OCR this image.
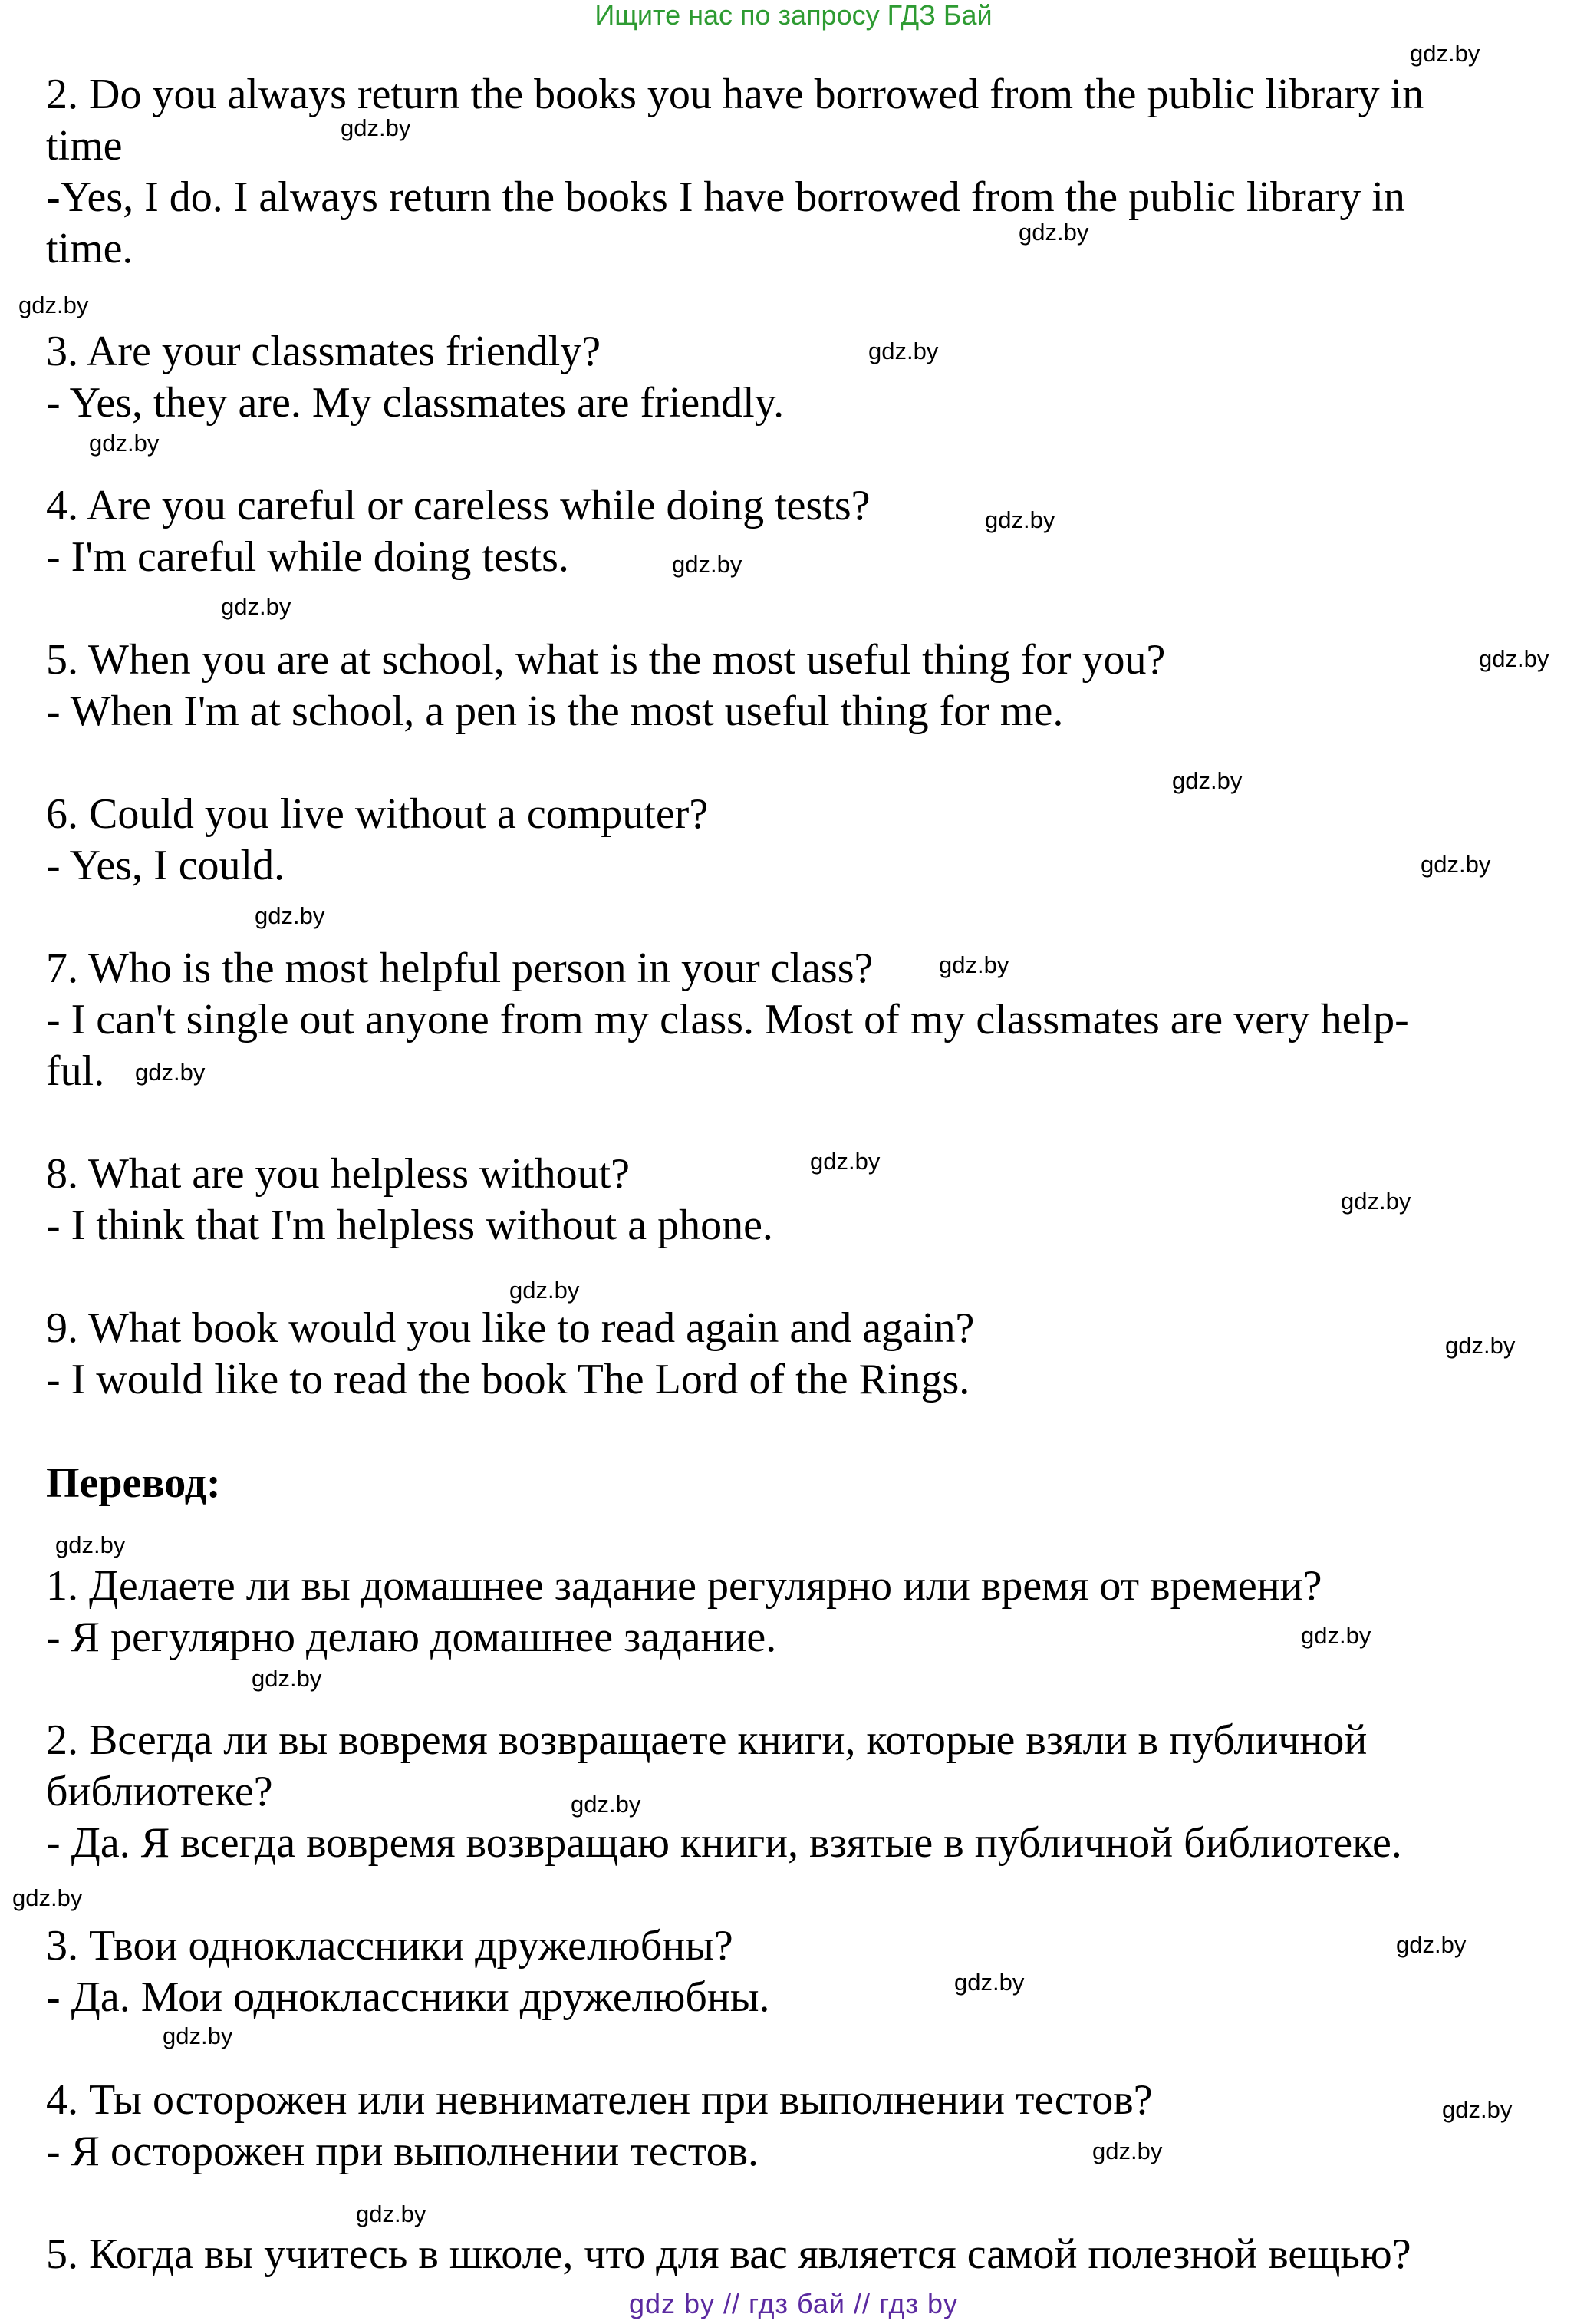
Ищите нас по запросу ГДЗ Бай
2. Do you always return the books you have borrowed from the public library in
time
-Yes, I do. I always return the books I have borrowed from the public library in
time.
3. Are your classmates friendly?
- Yes, they are. My classmates are friendly.
4. Are you careful or careless while doing tests?
- I'm careful while doing tests.
5. When you are at school, what is the most useful thing for you?
- When I'm at school, a pen is the most useful thing for me.
6. Could you live without a computer?
- Yes, I could.
7. Who is the most helpful person in your class?
- I can't single out anyone from my class. Most of my classmates are very help-
ful.
8. What are you helpless without?
- I think that I'm helpless without a phone.
9. What book would you like to read again and again?
- I would like to read the book The Lord of the Rings.
Перевод:
1. Делаете ли вы домашнее задание регулярно или время от времени?
- Я регулярно делаю домашнее задание.
2. Всегда ли вы вовремя возвращаете книги, которые взяли в публичной
библиотеке?
- Да. Я всегда вовремя возвращаю книги, взятые в публичной библиотеке.
3. Твои одноклассники дружелюбны?
- Да. Мои одноклассники дружелюбны.
4. Ты осторожен или невнимателен при выполнении тестов?
- Я осторожен при выполнении тестов.
5. Когда вы учитесь в школе, что для вас является самой полезной вещью?
gdz.by
gdz.by
gdz.by
gdz.by
gdz.by
gdz.by
gdz.by
gdz.by
gdz.by
gdz.by
gdz.by
gdz.by
gdz.by
gdz.by
gdz.by
gdz.by
gdz.by
gdz.by
gdz.by
gdz.by
gdz.by
gdz.by
gdz.by
gdz.by
gdz.by
gdz.by
gdz.by
gdz.by
gdz.by
gdz.by
gdz by // гдз бай // гдз by
